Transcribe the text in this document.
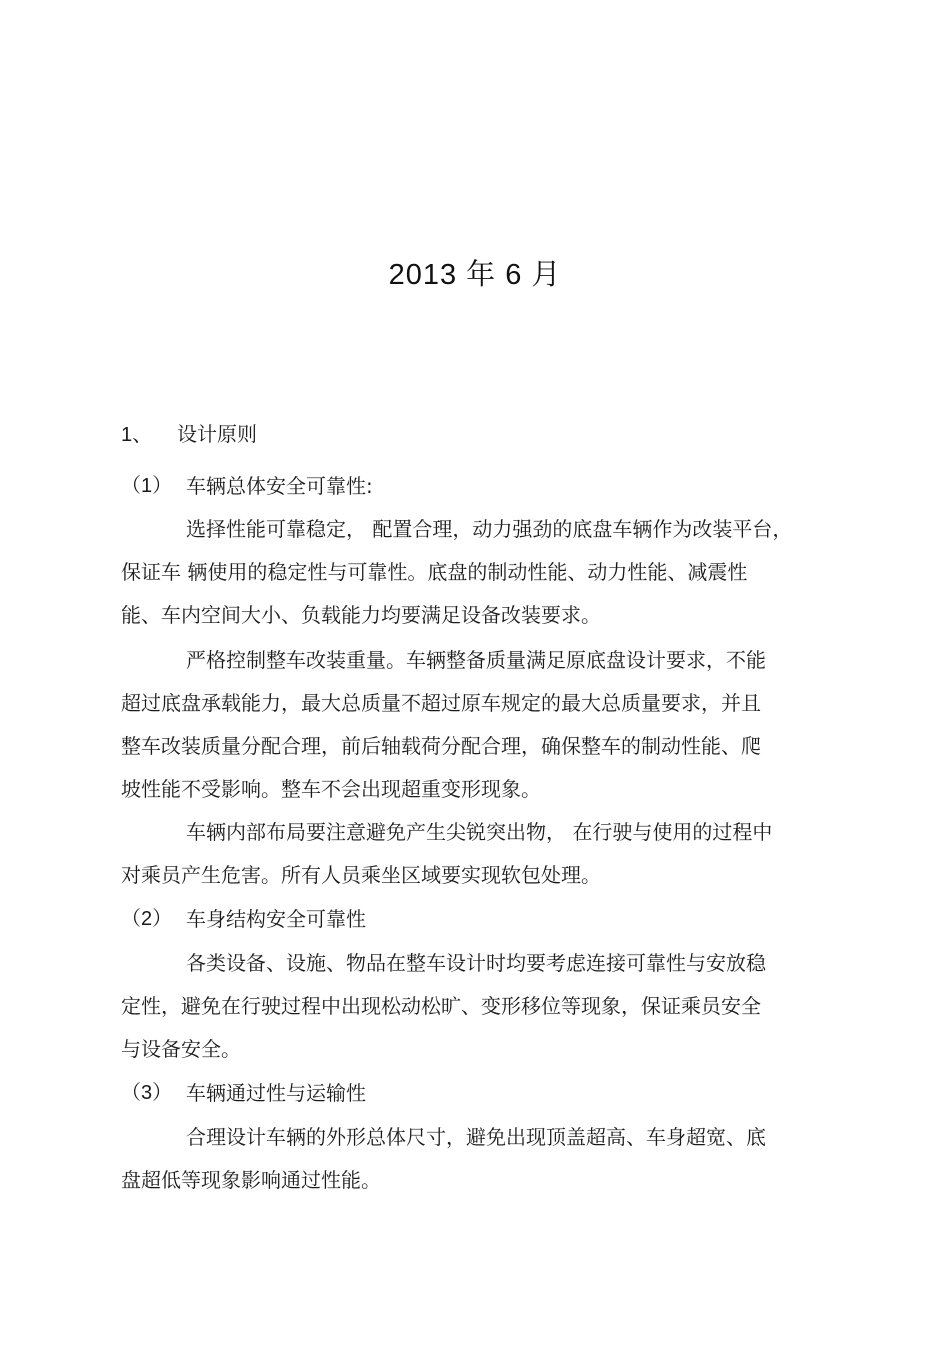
2013 年 6 月
1、 设计原则
（1） 车辆总体安全可靠性:
选择性能可靠稳定， 配置合理，动力强劲的底盘车辆作为改装平台，
保证车 辆使用的稳定性与可靠性。底盘的制动性能、动力性能、减震性
能、车内空间大小、负载能力均要满足设备改装要求。
严格控制整车改装重量。车辆整备质量满足原底盘设计要求，不能
超过底盘承载能力，最大总质量不超过原车规定的最大总质量要求，并且
整车改装质量分配合理，前后轴载荷分配合理，确保整车的制动性能、爬
坡性能不受影响。整车不会出现超重变形现象。
车辆内部布局要注意避免产生尖锐突出物， 在行驶与使用的过程中
对乘员产生危害。所有人员乘坐区域要实现软包处理。
（2） 车身结构安全可靠性
各类设备、设施、物品在整车设计时均要考虑连接可靠性与安放稳
定性，避免在行驶过程中出现松动松旷、变形移位等现象，保证乘员安全
与设备安全。
（3） 车辆通过性与运输性
合理设计车辆的外形总体尺寸，避免出现顶盖超高、车身超宽、底
盘超低等现象影响通过性能。
